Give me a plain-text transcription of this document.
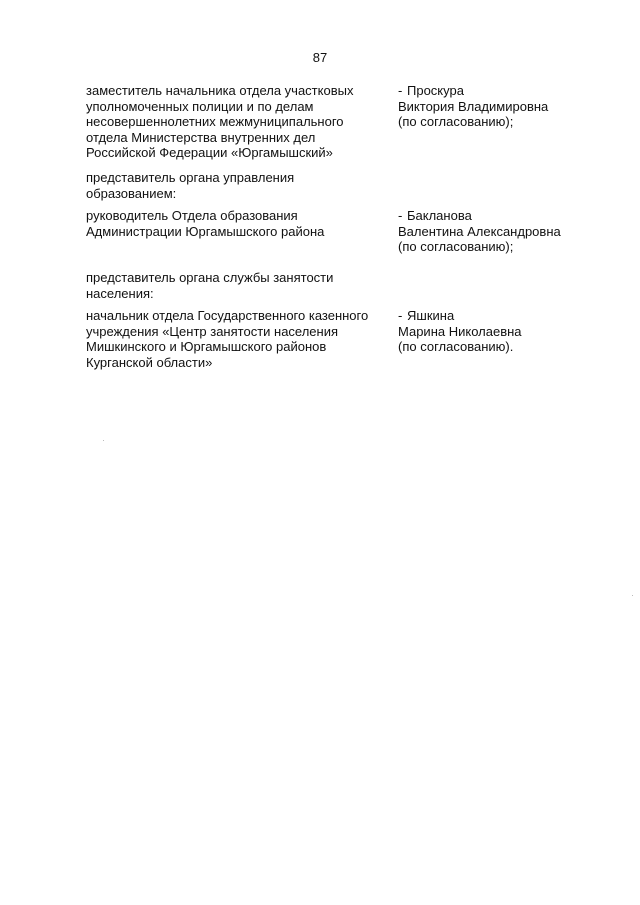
87
заместитель начальника отдела участковых
уполномоченных полиции и по делам
несовершеннолетних межмуниципального
отдела Министерства внутренних дел
Российской Федерации «Юргамышский»
- Проскура
Виктория Владимировна
(по согласованию);
представитель органа управления
образованием:
руководитель Отдела образования
Администрации Юргамышского района
- Бакланова
Валентина Александровна
(по согласованию);
представитель органа службы занятости
населения:
начальник отдела Государственного казенного
учреждения «Центр занятости населения
Мишкинского и Юргамышского районов
Курганской области»
- Яшкина
Марина Николаевна
(по согласованию).
